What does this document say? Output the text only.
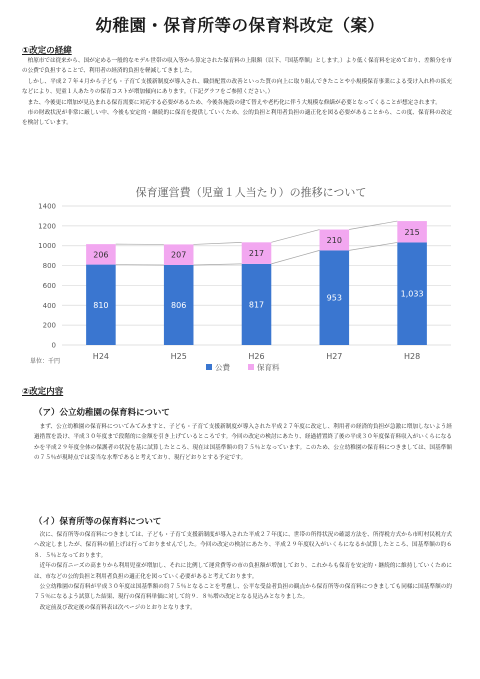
幼稚園・保育所等の保育料改定（案）
①改定の経緯

柏原市では従来から、国が定める一般的なモデル世帯の収入等から算定された保育料の上限額（以下、『国基準額』とします。）より低く保育料を定めており、差額分を市の公費で負担することで、利用者の経済的負担を軽減してきました。

しかし、平成２７年４月から子ども・子育て支援新制度が導入され、職員配置の改善といった質の向上に取り組んできたことや小規模保育事業による受け入れ枠の拡充などにより、児童１人あたりの保育コストが増加傾向にあります。（下記グラフをご参照ください。）

また、今後更に増加が見込まれる保育需要に対応する必要があるため、今後各施設の建て替えや老朽化に伴う大規模な修繕が必要となってくることが想定されます。

市の財政状況が非常に厳しい中、今後も安定的・継続的に保育を提供していくため、公的負担と利用者負担の適正化を図る必要があることから、この度、保育料の改定を検討しています。

保育運営費（児童１人当たり）の推移について
0
200
400
600
800
1000
1200
1400
810
206
806
207
817
217
953
210
1,033
215
H24	H25	H26	H27	H28
単位：千円
公費	保育料
②改定内容
（ア）公立幼稚園の保育料について

まず、公立幼稚園の保育料についてみてみますと、子ども・子育て支援新制度が導入された平成２７年度に改定し、利用者の経済的負担が急激に増加しないよう経過措置を設け、平成３０年度まで段階的に金額を引き上げているところです。今回の改定の検討にあたり、経過措置終了後の平成３０年度保育料収入がいくらになるかを平成２９年度全体の保護者の状況を基に試算したところ、現在は国基準額の約７５％となっています。このため、公立幼稚園の保育料につきましては、国基準額の７５％が現時点では妥当な水準であると考えており、現行どおりとする予定です。

（イ）保育所等の保育料について

次に、保育所等の保育料につきましては、子ども・子育て支援新制度が導入された平成２７年度に、世帯の所得状況の確認方法を、所得税方式から市町村民税方式へ改定しましたが、保育料の値上げは行っておりませんでした。今回の改定の検討にあたり、平成２９年度収入がいくらになるか試算したところ、国基準額の約６８．５％となっております。

近年の保育ニーズの高まりから利用児童が増加し、それに比例して運営費等の市の負担額が増加しており、これからも保育を安定的・継続的に維持していくためには、市などの公的負担と利用者負担の適正化を図っていく必要があると考えております。

公立幼稚園の保育料が平成３０年度は国基準額の約７５％となることを考慮し、公平な受益者負担の観点から保育所等の保育料につきましても同様に国基準額の約７５％になるよう試算した結果、現行の保育料単価に対して約９．８％増の改定となる見込みとなりました。

改定前及び改定後の保育料表は次ページのとおりとなります。
